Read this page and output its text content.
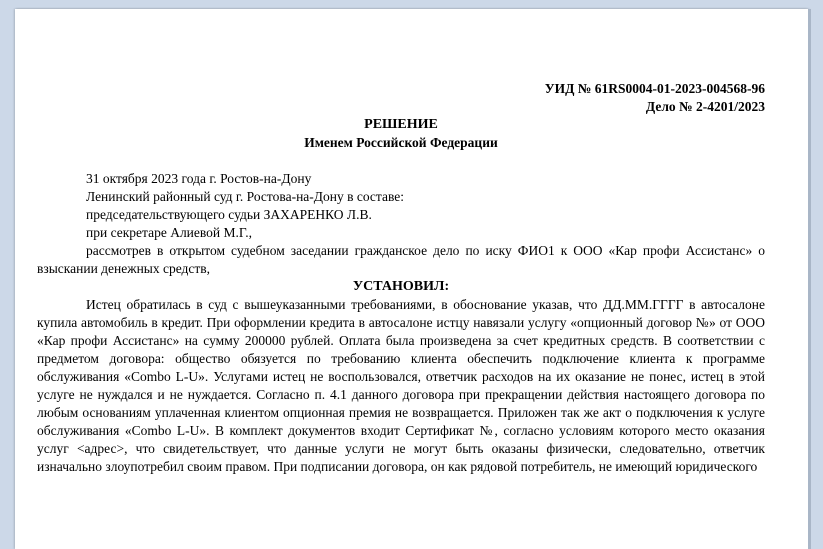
УИД № 61RS0004-01-2023-004568-96
Дело № 2-4201/2023
РЕШЕНИЕ
Именем Российской Федерации
31 октября 2023 года г. Ростов-на-Дону
Ленинский районный суд г. Ростова-на-Дону в составе:
председательствующего судьи ЗАХАРЕНКО Л.В.
при секретаре Алиевой М.Г.,
рассмотрев в открытом судебном заседании гражданское дело по иску ФИО1 к ООО «Кар профи Ассистанс» о взыскании денежных средств,
УСТАНОВИЛ:
Истец обратилась в суд с вышеуказанными требованиями, в обоснование указав, что ДД.ММ.ГГГГ в автосалоне купила автомобиль в кредит. При оформлении кредита в автосалоне истцу навязали услугу «опционный договор №» от ООО «Кар профи Ассистанс» на сумму 200000 рублей. Оплата была произведена за счет кредитных средств. В соответствии с предметом договора: общество обязуется по требованию клиента обеспечить подключение клиента к программе обслуживания «Combo L-U». Услугами истец не воспользовался, ответчик расходов на их оказание не понес, истец в этой услуге не нуждался и не нуждается. Согласно п. 4.1 данного договора при прекращении действия настоящего договора по любым основаниям уплаченная клиентом опционная премия не возвращается. Приложен так же акт о подключения к услуге обслуживания «Combo L-U». В комплект документов входит Сертификат №, согласно условиям которого место оказания услуг <адрес>, что свидетельствует, что данные услуги не могут быть оказаны физически, следовательно, ответчик изначально злоупотребил своим правом. При подписании договора, он как рядовой потребитель, не имеющий юридического
